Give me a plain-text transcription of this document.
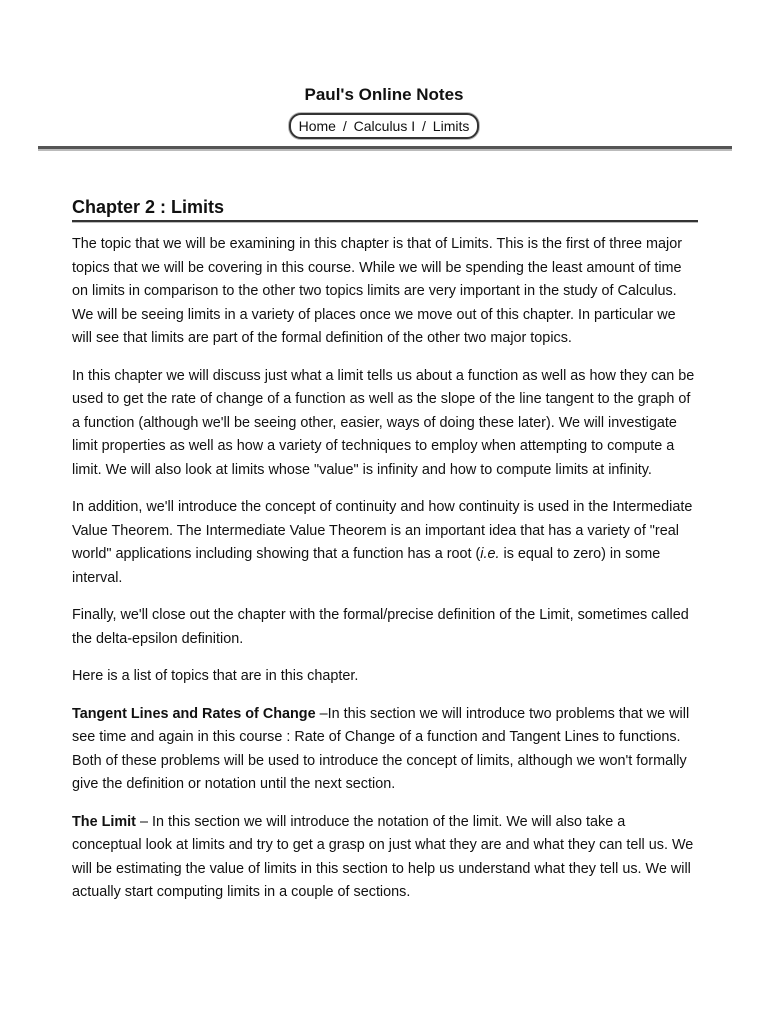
Paul's Online Notes
Home / Calculus I / Limits
Chapter 2 : Limits

The topic that we will be examining in this chapter is that of Limits. This is the first of three major topics that we will be covering in this course. While we will be spending the least amount of time on limits in comparison to the other two topics limits are very important in the study of Calculus. We will be seeing limits in a variety of places once we move out of this chapter. In particular we will see that limits are part of the formal definition of the other two major topics.

In this chapter we will discuss just what a limit tells us about a function as well as how they can be used to get the rate of change of a function as well as the slope of the line tangent to the graph of a function (although we'll be seeing other, easier, ways of doing these later). We will investigate limit properties as well as how a variety of techniques to employ when attempting to compute a limit. We will also look at limits whose "value" is infinity and how to compute limits at infinity.

In addition, we'll introduce the concept of continuity and how continuity is used in the Intermediate Value Theorem. The Intermediate Value Theorem is an important idea that has a variety of "real world" applications including showing that a function has a root (i.e. is equal to zero) in some interval.

Finally, we'll close out the chapter with the formal/precise definition of the Limit, sometimes called the delta-epsilon definition.

Here is a list of topics that are in this chapter.

Tangent Lines and Rates of Change –In this section we will introduce two problems that we will see time and again in this course : Rate of Change of a function and Tangent Lines to functions. Both of these problems will be used to introduce the concept of limits, although we won't formally give the definition or notation until the next section.

The Limit – In this section we will introduce the notation of the limit. We will also take a conceptual look at limits and try to get a grasp on just what they are and what they can tell us. We will be estimating the value of limits in this section to help us understand what they tell us. We will actually start computing limits in a couple of sections.
